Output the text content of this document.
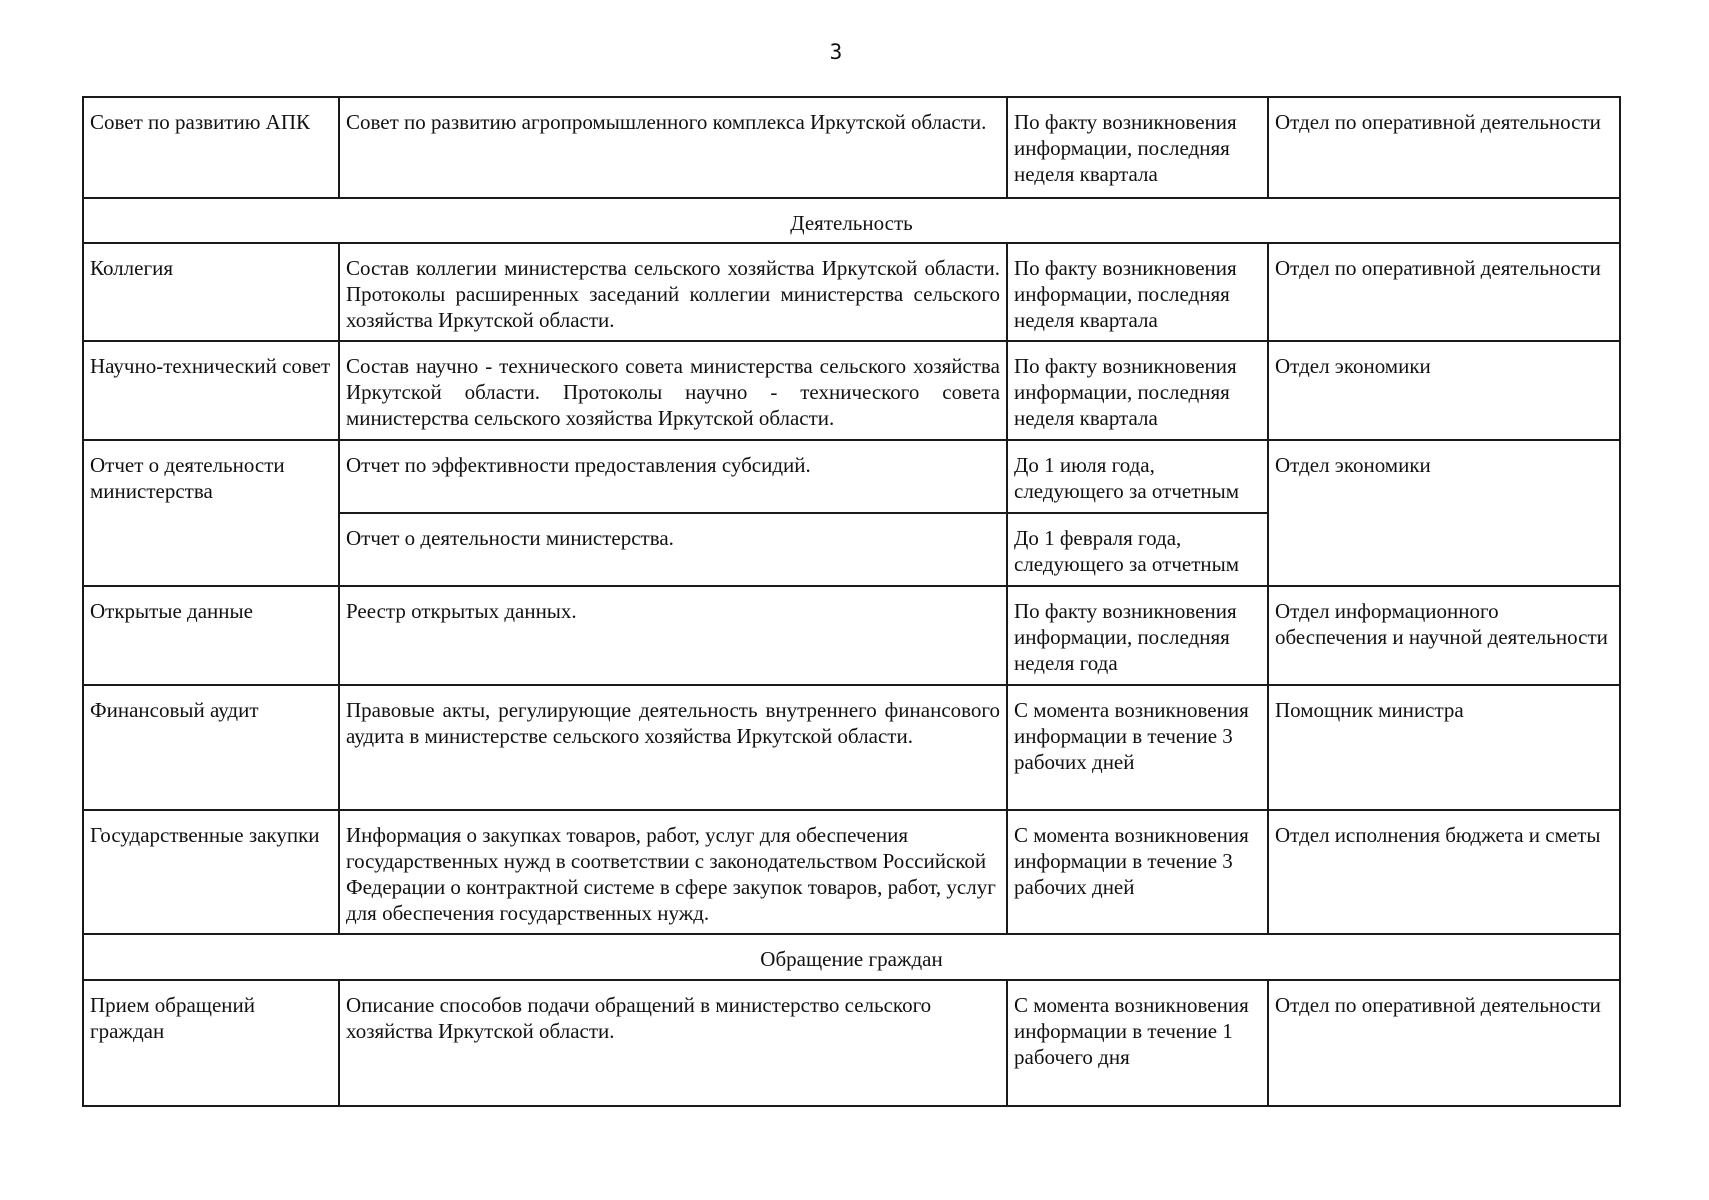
3
Совет по развитию АПК	Совет по развитию агропромышленного комплекса Иркутской области.	По факту возникновения информации, последняя неделя квартала	Отдел по оперативной деятельности
Деятельность			
Коллегия	Состав коллегии министерства сельского хозяйства Иркутской области. Протоколы расширенных заседаний коллегии министерства сельского хозяйства Иркутской области.	По факту возникновения информации, последняя неделя квартала	Отдел по оперативной деятельности
Научно-технический совет	Состав научно - технического совета министерства сельского хозяйства Иркутской области. Протоколы научно - технического совета министерства сельского хозяйства Иркутской области.	По факту возникновения информации, последняя неделя квартала	Отдел экономики
Отчет о деятельности министерства	Отчет по эффективности предоставления субсидий.	До 1 июля года, следующего за отчетным	Отдел экономики
	Отчет о деятельности министерства.	До 1 февраля года, следующего за отчетным	
Открытые данные	Реестр открытых данных.	По факту возникновения информации, последняя неделя года	Отдел информационного обеспечения и научной деятельности
Финансовый аудит	Правовые акты, регулирующие деятельность внутреннего финансового аудита в министерстве сельского хозяйства Иркутской области.	С момента возникновения информации в течение 3 рабочих дней	Помощник министра
Государственные закупки	Информация о закупках товаров, работ, услуг для обеспечения государственных нужд в соответствии с законодательством Российской Федерации о контрактной системе в сфере закупок товаров, работ, услуг для обеспечения государственных нужд.	С момента возникновения информации в течение 3 рабочих дней	Отдел исполнения бюджета и сметы
Обращение граждан			
Прием обращений граждан	Описание способов подачи обращений в министерство сельского хозяйства Иркутской области.	С момента возникновения информации в течение 1 рабочего дня	Отдел по оперативной деятельности
